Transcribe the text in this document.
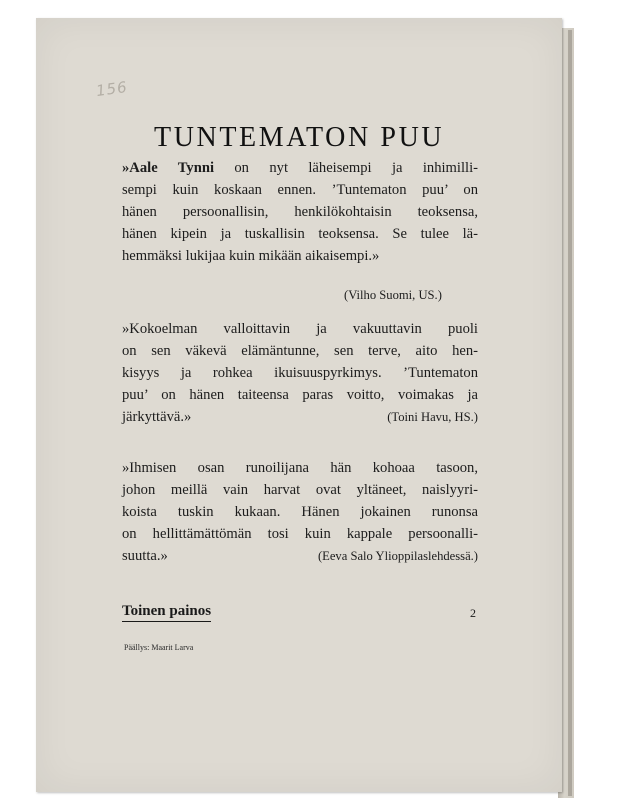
156
TUNTEMATON PUU
»Aale Tynni on nyt läheisempi ja inhimilli-
sempi kuin koskaan ennen. ’Tuntematon puu’ on
hänen persoonallisin, henkilökohtaisin teoksensa,
hänen kipein ja tuskallisin teoksensa. Se tulee lä-
hemmäksi lukijaa kuin mikään aikaisempi.»
(Vilho Suomi, US.)
»Kokoelman valloittavin ja vakuuttavin puoli
on sen väkevä elämäntunne, sen terve, aito hen-
kisyys ja rohkea ikuisuuspyrkimys. ’Tuntematon
puu’ on hänen taiteensa paras voitto, voimakas ja
järkyttävä.»	(Toini Havu, HS.)
»Ihmisen osan runoilijana hän kohoaa tasoon,
johon meillä vain harvat ovat yltäneet, naislyyri-
koista tuskin kukaan. Hänen jokainen runonsa
on hellittämättömän tosi kuin kappale persoonalli-
suutta.»	(Eeva Salo Ylioppilaslehdessä.)
Toinen painos	2
Päällys: Maarit Larva
